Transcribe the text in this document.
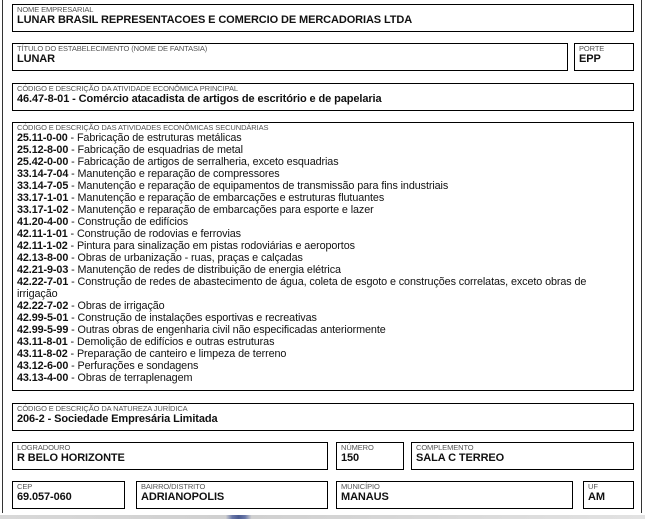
NOME EMPRESARIAL
LUNAR BRASIL REPRESENTACOES E COMERCIO DE MERCADORIAS LTDA
TÍTULO DO ESTABELECIMENTO (NOME DE FANTASIA)
LUNAR
PORTE
EPP
CÓDIGO E DESCRIÇÃO DA ATIVIDADE ECONÔMICA PRINCIPAL
46.47-8-01 - Comércio atacadista de artigos de escritório e de papelaria
CÓDIGO E DESCRIÇÃO DAS ATIVIDADES ECONÔMICAS SECUNDÁRIAS
25.11-0-00 - Fabricação de estruturas metálicas
25.12-8-00 - Fabricação de esquadrias de metal
25.42-0-00 - Fabricação de artigos de serralheria, exceto esquadrias
33.14-7-04 - Manutenção e reparação de compressores
33.14-7-05 - Manutenção e reparação de equipamentos de transmissão para fins industriais
33.17-1-01 - Manutenção e reparação de embarcações e estruturas flutuantes
33.17-1-02 - Manutenção e reparação de embarcações para esporte e lazer
41.20-4-00 - Construção de edifícios
42.11-1-01 - Construção de rodovias e ferrovias
42.11-1-02 - Pintura para sinalização em pistas rodoviárias e aeroportos
42.13-8-00 - Obras de urbanização - ruas, praças e calçadas
42.21-9-03 - Manutenção de redes de distribuição de energia elétrica
42.22-7-01 - Construção de redes de abastecimento de água, coleta de esgoto e construções correlatas, exceto obras de irrigação
42.22-7-02 - Obras de irrigação
42.99-5-01 - Construção de instalações esportivas e recreativas
42.99-5-99 - Outras obras de engenharia civil não especificadas anteriormente
43.11-8-01 - Demolição de edifícios e outras estruturas
43.11-8-02 - Preparação de canteiro e limpeza de terreno
43.12-6-00 - Perfurações e sondagens
43.13-4-00 - Obras de terraplenagem
CÓDIGO E DESCRIÇÃO DA NATUREZA JURÍDICA
206-2 - Sociedade Empresária Limitada
LOGRADOURO
R BELO HORIZONTE
NÚMERO
150
COMPLEMENTO
SALA C TERREO
CEP
69.057-060
BAIRRO/DISTRITO
ADRIANOPOLIS
MUNICÍPIO
MANAUS
UF
AM
